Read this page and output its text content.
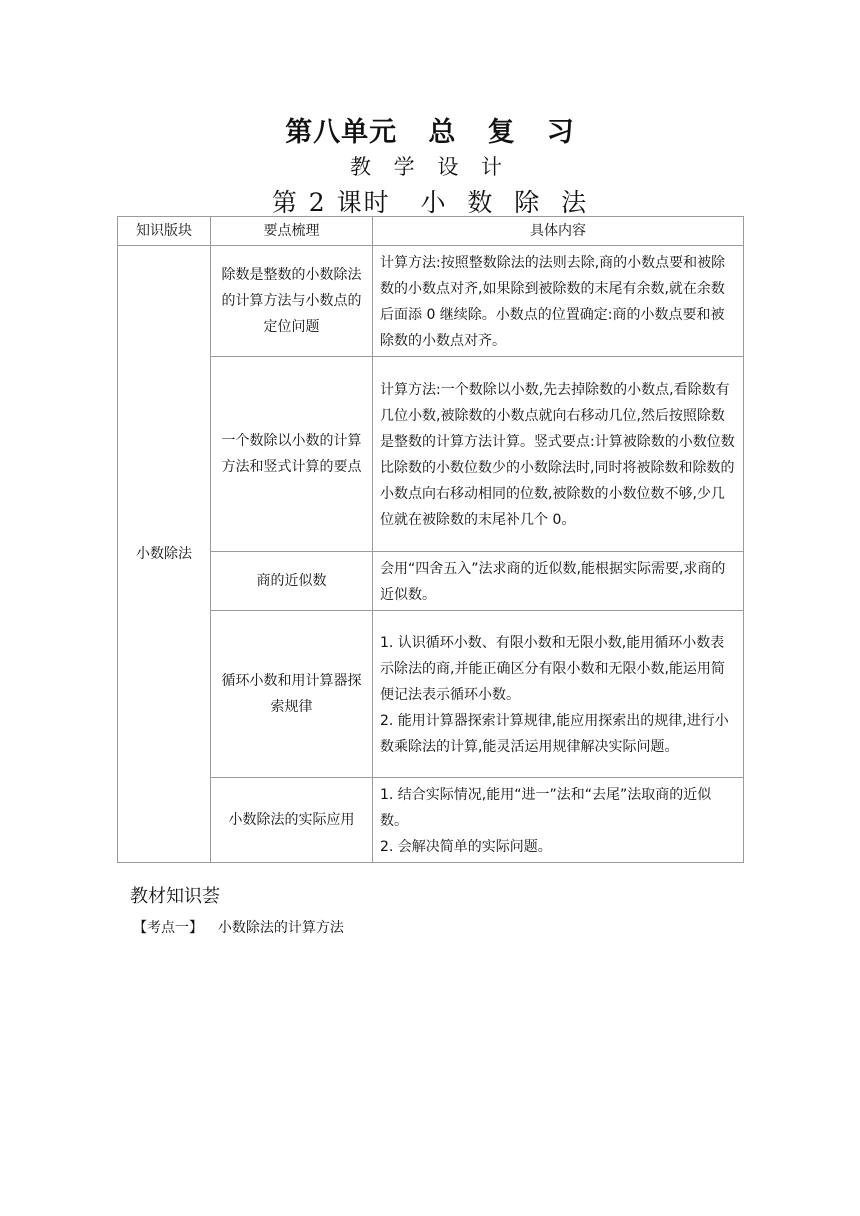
第八单元   总   复   习
教 学 设 计
第 2 课时   小  数  除  法
知识版块	要点梳理	具体内容
小数除法	除数是整数的小数除法的计算方法与小数点的定位问题	计算方法:按照整数除法的法则去除,商的小数点要和被除数的小数点对齐,如果除到被除数的末尾有余数,就在余数后面添 0 继续除。小数点的位置确定:商的小数点要和被除数的小数点对齐。

	一个数除以小数的计算方法和竖式计算的要点	计算方法:一个数除以小数,先去掉除数的小数点,看除数有几位小数,被除数的小数点就向右移动几位,然后按照除数是整数的计算方法计算。竖式要点:计算被除数的小数位数比除数的小数位数少的小数除法时,同时将被除数和除数的小数点向右移动相同的位数,被除数的小数位数不够,少几位就在被除数的末尾补几个 0。

	商的近似数	会用“四舍五入”法求商的近似数,能根据实际需要,求商的近似数。

	循环小数和用计算器探索规律	1. 认识循环小数、有限小数和无限小数,能用循环小数表示除法的商,并能正确区分有限小数和无限小数,能运用简便记法表示循环小数。
2. 能用计算器探索计算规律,能应用探索出的规律,进行小数乘除法的计算,能灵活运用规律解决实际问题。

	小数除法的实际应用	1. 结合实际情况,能用“进一”法和“去尾”法取商的近似数。
2. 会解决简单的实际问题。
教材知识荟
【考点一】 小数除法的计算方法
